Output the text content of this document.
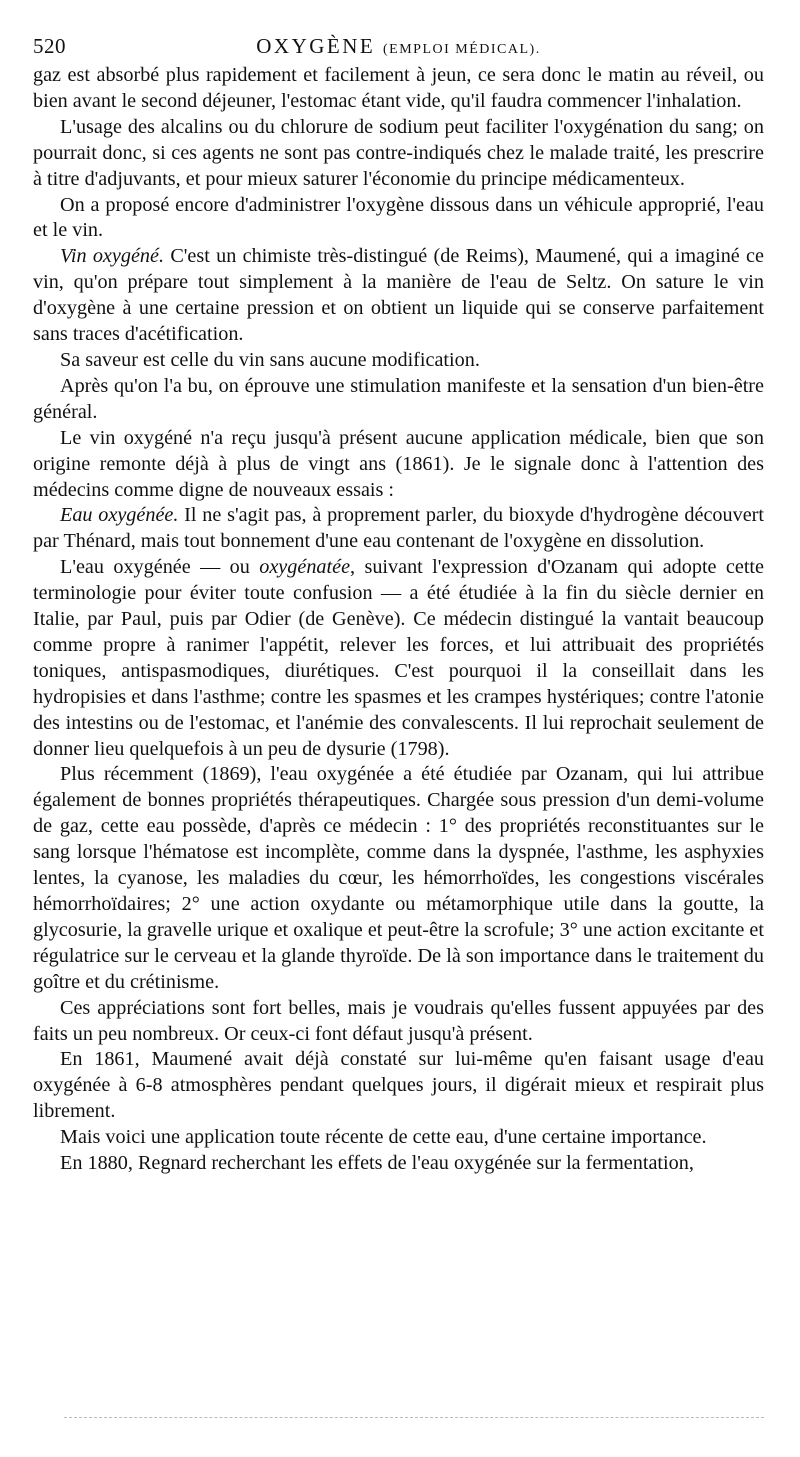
520	OXYGÈNE (EMPLOI MÉDICAL).

gaz est absorbé plus rapidement et facilement à jeun, ce sera donc le matin au réveil, ou bien avant le second déjeuner, l'estomac étant vide, qu'il faudra commencer l'inhalation.

L'usage des alcalins ou du chlorure de sodium peut faciliter l'oxygénation du sang; on pourrait donc, si ces agents ne sont pas contre-indiqués chez le malade traité, les prescrire à titre d'adjuvants, et pour mieux saturer l'économie du principe médicamenteux.

On a proposé encore d'administrer l'oxygène dissous dans un véhicule approprié, l'eau et le vin.

Vin oxygéné. C'est un chimiste très-distingué (de Reims), Maumené, qui a imaginé ce vin, qu'on prépare tout simplement à la manière de l'eau de Seltz. On sature le vin d'oxygène à une certaine pression et on obtient un liquide qui se conserve parfaitement sans traces d'acétification.

Sa saveur est celle du vin sans aucune modification.

Après qu'on l'a bu, on éprouve une stimulation manifeste et la sensation d'un bien-être général.

Le vin oxygéné n'a reçu jusqu'à présent aucune application médicale, bien que son origine remonte déjà à plus de vingt ans (1861). Je le signale donc à l'attention des médecins comme digne de nouveaux essais :

Eau oxygénée. Il ne s'agit pas, à proprement parler, du bioxyde d'hydrogène découvert par Thénard, mais tout bonnement d'une eau contenant de l'oxygène en dissolution.

L'eau oxygénée — ou oxygénatée, suivant l'expression d'Ozanam qui adopte cette terminologie pour éviter toute confusion — a été étudiée à la fin du siècle dernier en Italie, par Paul, puis par Odier (de Genève). Ce médecin distingué la vantait beaucoup comme propre à ranimer l'appétit, relever les forces, et lui attribuait des propriétés toniques, antispasmodiques, diurétiques. C'est pourquoi il la conseillait dans les hydropisies et dans l'asthme; contre les spasmes et les crampes hystériques; contre l'atonie des intestins ou de l'estomac, et l'anémie des convalescents. Il lui reprochait seulement de donner lieu quelquefois à un peu de dysurie (1798).

Plus récemment (1869), l'eau oxygénée a été étudiée par Ozanam, qui lui attribue également de bonnes propriétés thérapeutiques. Chargée sous pression d'un demi-volume de gaz, cette eau possède, d'après ce médecin : 1° des propriétés reconstituantes sur le sang lorsque l'hématose est incomplète, comme dans la dyspnée, l'asthme, les asphyxies lentes, la cyanose, les maladies du cœur, les hémorrhoïdes, les congestions viscérales hémorrhoïdaires; 2° une action oxydante ou métamorphique utile dans la goutte, la glycosurie, la gravelle urique et oxalique et peut-être la scrofule; 3° une action excitante et régulatrice sur le cerveau et la glande thyroïde. De là son importance dans le traitement du goître et du crétinisme.

Ces appréciations sont fort belles, mais je voudrais qu'elles fussent appuyées par des faits un peu nombreux. Or ceux-ci font défaut jusqu'à présent.

En 1861, Maumené avait déjà constaté sur lui-même qu'en faisant usage d'eau oxygénée à 6-8 atmosphères pendant quelques jours, il digérait mieux et respirait plus librement.

Mais voici une application toute récente de cette eau, d'une certaine importance.

En 1880, Regnard recherchant les effets de l'eau oxygénée sur la fermentation,
